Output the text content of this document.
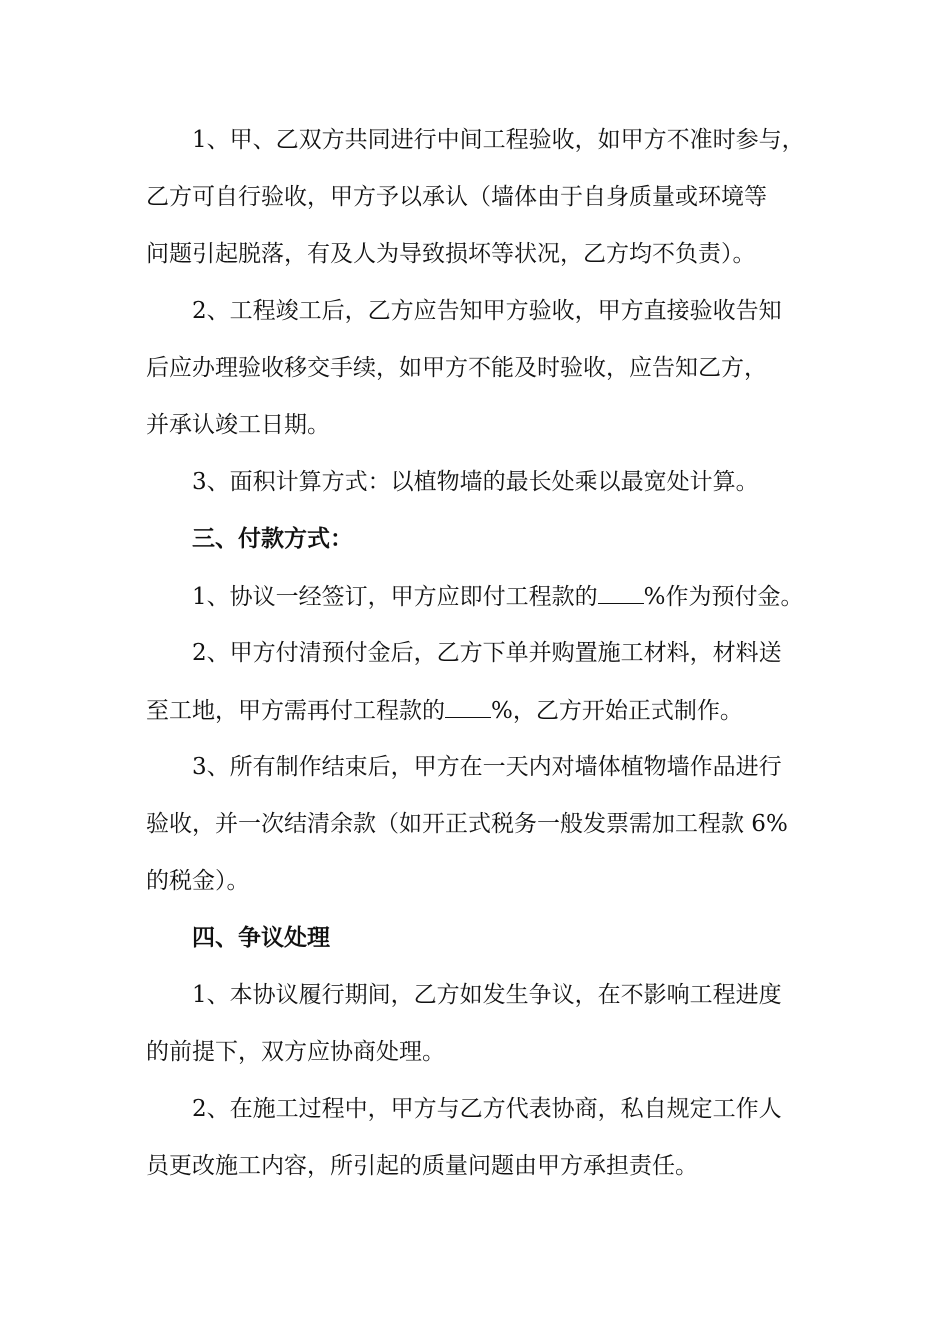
1、甲、乙双方共同进行中间工程验收，如甲方不准时参与，
乙方可自行验收，甲方予以承认（墙体由于自身质量或环境等
问题引起脱落，有及人为导致损坏等状况，乙方均不负责）。
2、工程竣工后，乙方应告知甲方验收，甲方直接验收告知
后应办理验收移交手续，如甲方不能及时验收，应告知乙方，
并承认竣工日期。
3、面积计算方式：以植物墙的最长处乘以最宽处计算。
三、付款方式：
1、协议一经签订，甲方应即付工程款的 %作为预付金。
2、甲方付清预付金后，乙方下单并购置施工材料，材料送
至工地，甲方需再付工程款的 %，乙方开始正式制作。
3、所有制作结束后，甲方在一天内对墙体植物墙作品进行
验收，并一次结清余款（如开正式税务一般发票需加工程款 6%
的税金）。
四、争议处理
1、本协议履行期间，乙方如发生争议，在不影响工程进度
的前提下，双方应协商处理。
2、在施工过程中，甲方与乙方代表协商，私自规定工作人
员更改施工内容，所引起的质量问题由甲方承担责任。
